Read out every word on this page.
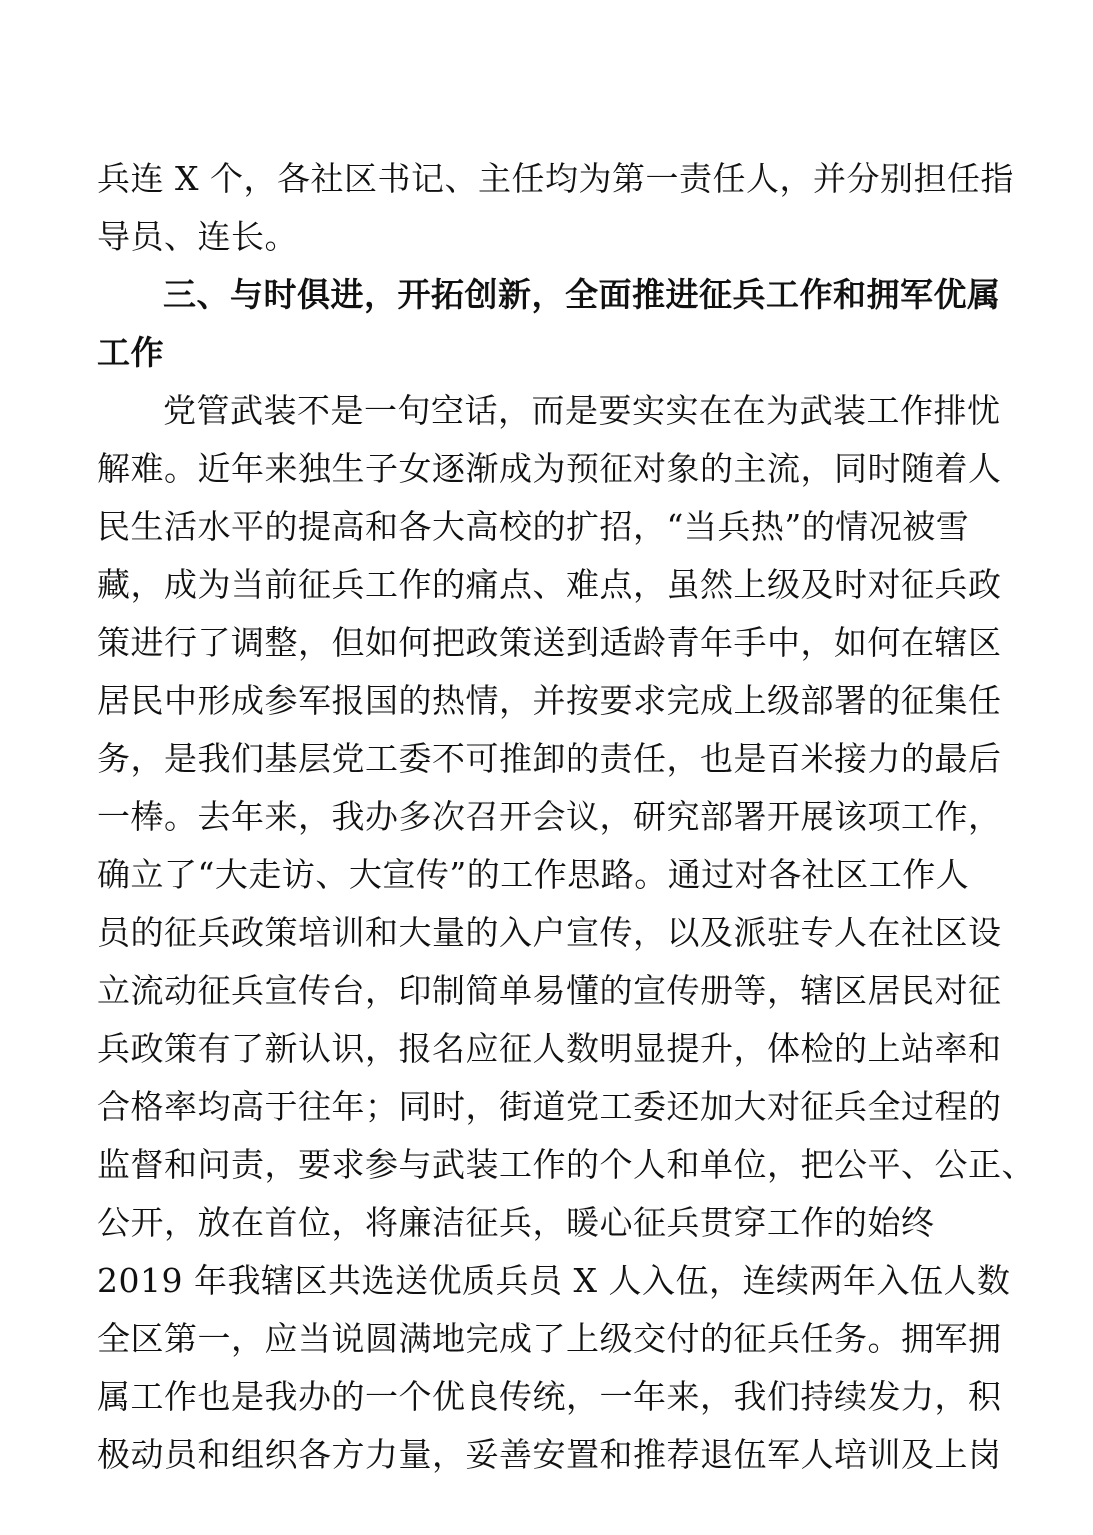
兵连 X 个，各社区书记、主任均为第一责任人，并分别担任指
导员、连长。
三、与时俱进，开拓创新，全面推进征兵工作和拥军优属
工作
党管武装不是一句空话，而是要实实在在为武装工作排忧
解难。近年来独生子女逐渐成为预征对象的主流，同时随着人
民生活水平的提高和各大高校的扩招，“当兵热”的情况被雪
藏，成为当前征兵工作的痛点、难点，虽然上级及时对征兵政
策进行了调整，但如何把政策送到适龄青年手中，如何在辖区
居民中形成参军报国的热情，并按要求完成上级部署的征集任
务，是我们基层党工委不可推卸的责任，也是百米接力的最后
一棒。去年来，我办多次召开会议，研究部署开展该项工作，
确立了“大走访、大宣传”的工作思路。通过对各社区工作人
员的征兵政策培训和大量的入户宣传，以及派驻专人在社区设
立流动征兵宣传台，印制简单易懂的宣传册等，辖区居民对征
兵政策有了新认识，报名应征人数明显提升，体检的上站率和
合格率均高于往年；同时，街道党工委还加大对征兵全过程的
监督和问责，要求参与武装工作的个人和单位，把公平、公正、
公开，放在首位，将廉洁征兵，暖心征兵贯穿工作的始终
2019 年我辖区共选送优质兵员 X 人入伍，连续两年入伍人数
全区第一，应当说圆满地完成了上级交付的征兵任务。拥军拥
属工作也是我办的一个优良传统，一年来，我们持续发力，积
极动员和组织各方力量，妥善安置和推荐退伍军人培训及上岗
